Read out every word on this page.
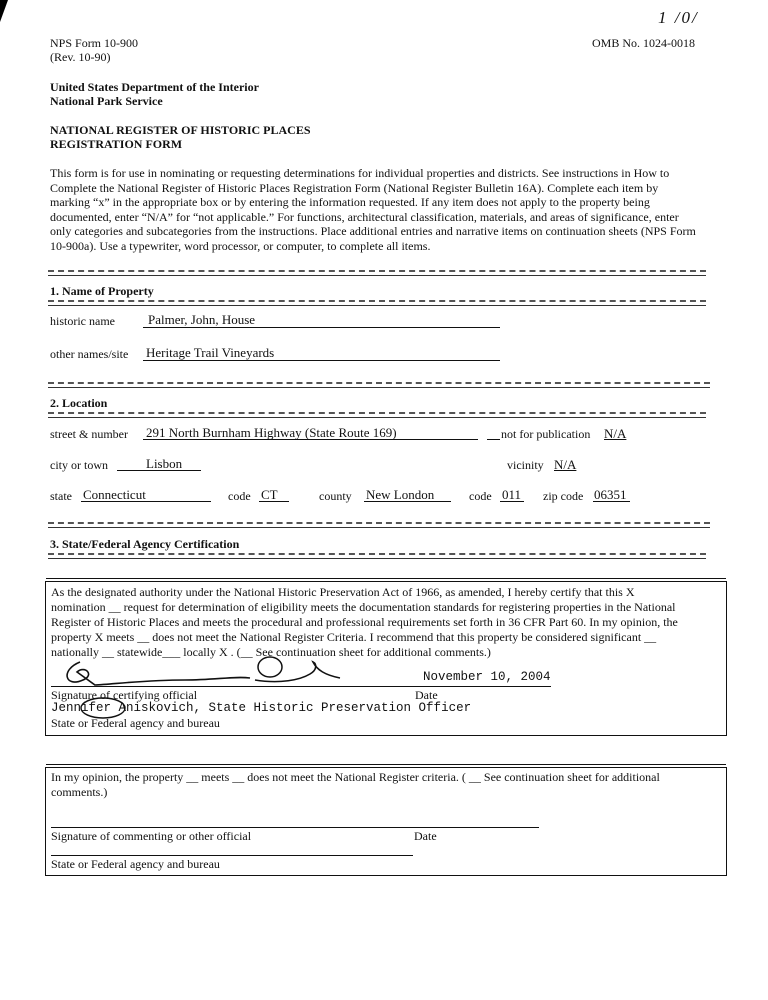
1 /0/
NPS Form 10-900
(Rev. 10-90)
OMB No. 1024-0018
United States Department of the Interior
National Park Service
NATIONAL REGISTER OF HISTORIC PLACES
REGISTRATION FORM
This form is for use in nominating or requesting determinations for individual properties and districts. See instructions in How to
Complete the National Register of Historic Places Registration Form (National Register Bulletin 16A). Complete each item by
marking “x” in the appropriate box or by entering the information requested. If any item does not apply to the property being
documented, enter “N/A” for “not applicable.” For functions, architectural classification, materials, and areas of significance, enter
only categories and subcategories from the instructions. Place additional entries and narrative items on continuation sheets (NPS Form
10-900a). Use a typewriter, word processor, or computer, to complete all items.
1. Name of Property
historic name	Palmer, John, House
other names/site Heritage Trail Vineyards
2. Location
street & number 291 North Burnham Highway (State Route 169)	not for publication N/A
city or town	Lisbon	vicinity N/A
state Connecticut	code CT	county New London	code 011 zip code 06351
3. State/Federal Agency Certification
As the designated authority under the National Historic Preservation Act of 1966, as amended, I hereby certify that this X
nomination __ request for determination of eligibility meets the documentation standards for registering properties in the National
Register of Historic Places and meets the procedural and professional requirements set forth in 36 CFR Part 60. In my opinion, the
property X meets __ does not meet the National Register Criteria. I recommend that this property be considered significant __
nationally __ statewide___ locally X . (__ See continuation sheet for additional comments.)
November 10, 2004
Signature of certifying official	Date
Jennifer Aniskovich, State Historic Preservation Officer
State or Federal agency and bureau
In my opinion, the property __ meets __ does not meet the National Register criteria. ( __ See continuation sheet for additional
comments.)
Signature of commenting or other official	Date
State or Federal agency and bureau
